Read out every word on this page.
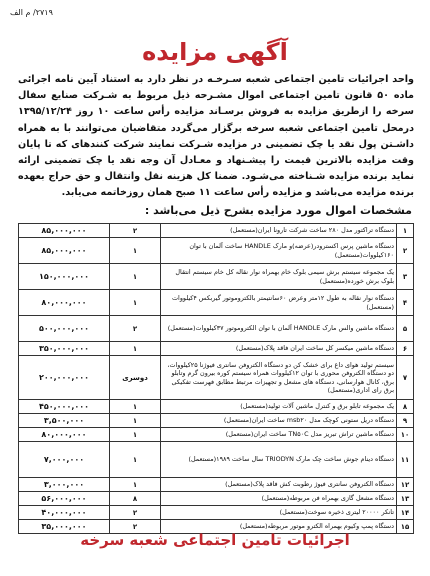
۲۷۱۹/ م الف
آگهی مزایده
واحد اجرائیات تامین اجتماعی شعبه سـرخـه در نظر دارد به استناد آیین نامه اجرائی ماده ۵۰ قانون تامین اجتماعی اموال مشـرحه ذیل مربوط به شـرکت صنایع سفال سرخه را ازطریق مزایده به فروش برسـاند مزایده رأس ساعت ۱۰ روز ۱۳۹۵/۱۲/۲۴ درمحل تامین اجتماعی شعبه سرخه برگزار می‌گردد متقاضیان می‌توانند با به همراه داشـتن پول نقد یا چک تضمینی در مزایده شـرکت نمایند شرکت کنندهای که تا پایان وقت مزایده بالاترین قیمت را پیشـنهاد و معـادل آن وجه نقد یا چک تضمینی ارائه نماید برنده مزایده شـناخته می‌شـود. ضمنا کل هزینه نقل وانتقال و حق حراج بعهده برنده مزایده می‌باشد و مزایده رأس ساعت ۱۱ صبح همان روزخاتمه می‌یابد.
مشخصات اموال مورد مزایده بشرح ذیل می‌باشد :
۱	دستگاه تراکتور مدل ۲۸۰ ساخت شرکت تارونا ایران(مستعمل)	۲	۸۵,۰۰۰,۰۰۰
۲	دستگاه ماشین پرس اکسترودر(عرضه)و مارک HANDLE ساخت آلمان با توان ۱۶۰کیلووات(مستعمل)	۱	۸۵,۰۰۰,۰۰۰
۳	یک مجموعه سیستم برش سیمی بلوک خام بهمراه نوار نقاله کل خام سیستم انتقال بلوک برش خورده(مستعمل)	۱	۱۵۰,۰۰۰,۰۰۰
۴	دستگاه نوار نقاله به طول ۱۲متر وعرض ۶۰سانتیمتر بالکتروموتور گیربکس ۴کیلووات (مستعمل)	۱	۸۰,۰۰۰,۰۰۰
۵	دستگاه ماشین والس مارک HANDLE آلمان با توان الکتروموتور ۳۷کیلووات(مستعمل)	۲	۵۰۰,۰۰۰,۰۰۰
۶	دستگاه ماشین میکسر کل ساخت ایران فاقد پلاک(مستعمل)	۱	۳۵۰,۰۰۰,۰۰۰
۷	سیستم تولید هوای داغ برای خشک کن دو دستگاه الکتروفن سانتری فیوژنا ۲۵کیلووات، دو دستگاه الکتروفن محوری با توان ۱۲کیلووات همراه سیستم کوره بیرون گرم وتابلو برق، کانال هوارسانی، دستگاه های مشعل و تجهیزات مرتبط مطابق فهرست تفکیکی برق رای اداری(مستعمل)	دوسری	۲۰۰,۰۰۰,۰۰۰
۸	یک مجموعه تابلو برق و کنترل ماشین آلات تولید(مستعمل)	۱	۴۵۰,۰۰۰,۰۰۰
۹	دستگاه دریل ستونی کوچک مدل msb۲۰ ساخت ایران(مستعمل)	۱	۳,۵۰۰,۰۰۰
۱۰	دستگاه ماشین تراش تبریز مدل TN۵۰C ساخت ایران(مستعمل)	۱	۸۰,۰۰۰,۰۰۰
۱۱	دستگاه دینام جوش ساخت چک مارک TRIODYN سال ساخت ۱۹۸۹(مستعمل)	۱	۷,۰۰۰,۰۰۰
۱۲	دستگاه الکتروفن سانتری فیوژ رطوبت کش فاقد پلاک(مستعمل)	۱	۳,۰۰۰,۰۰۰
۱۳	دستگاه مشعل گازی بهمراه فن مربوطه(مستعمل)	۸	۵۶,۰۰۰,۰۰۰
۱۴	تانکر ۲۰۰۰۰ لیتری ذخیره سوخت(مستعمل)	۲	۴۰,۰۰۰,۰۰۰
۱۵	دستگاه پمپ وکیوم بهمراه الکترو موتور مربوطه(مستعمل)	۲	۳۵,۰۰۰,۰۰۰
اجرائیات تامین اجتماعی شعبه سرخه
